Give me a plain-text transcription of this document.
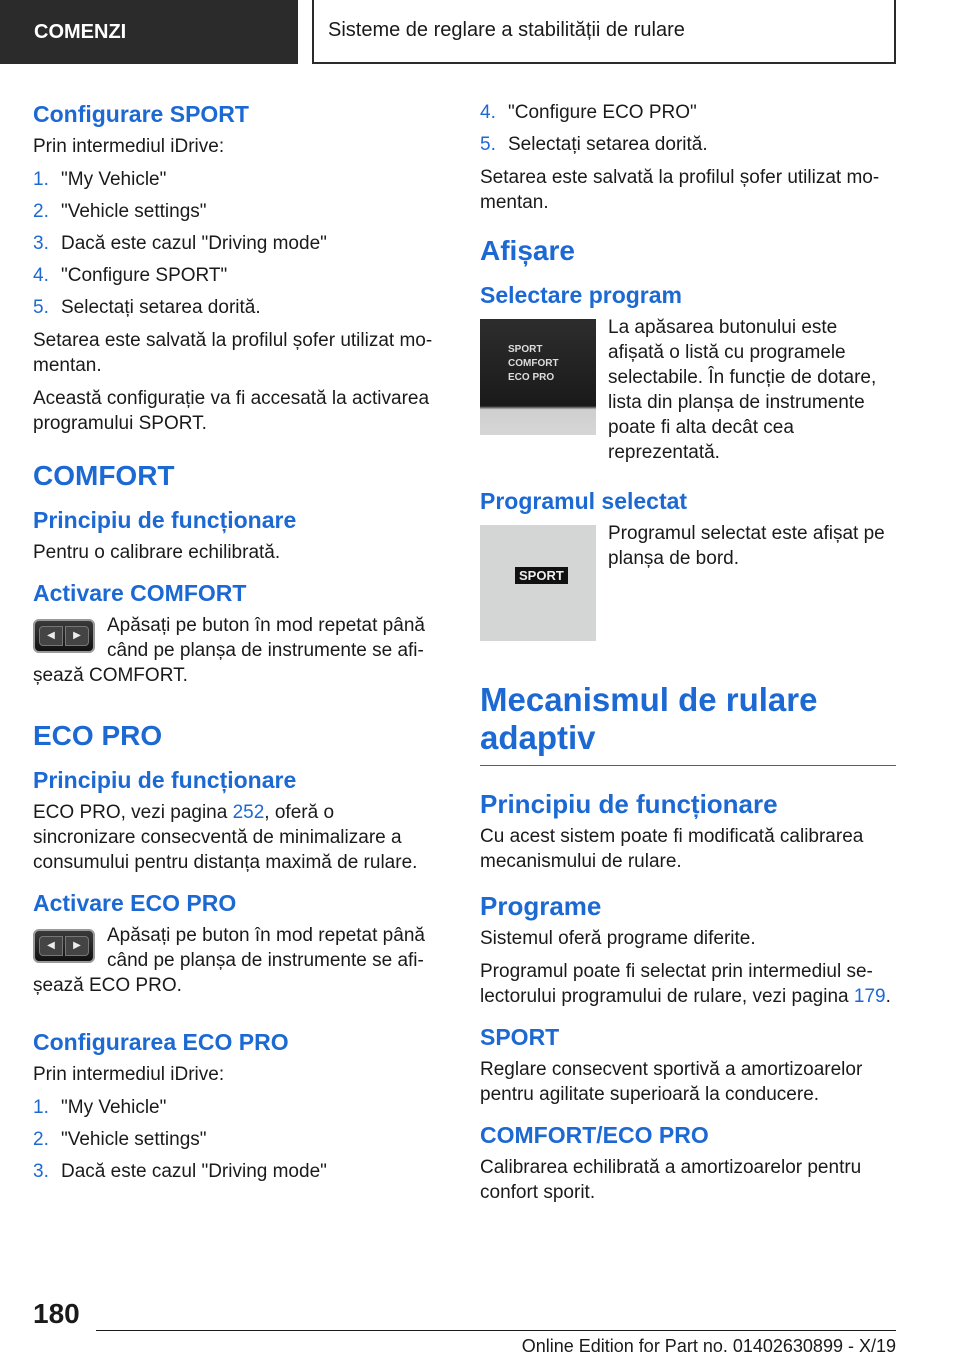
COMENZI	Sisteme de reglare a stabilității de rulare
Configurare SPORT

Prin intermediul iDrive:

1. "My Vehicle"
2. "Vehicle settings"
3. Dacă este cazul "Driving mode"
4. "Configure SPORT"
5. Selectați setarea dorită.

Setarea este salvată la profilul șofer utilizat momentan.

Această configurație va fi accesată la activarea programului SPORT.

COMFORT
Principiu de funcționare

Pentru o calibrare echilibrată.

Activare COMFORT
◀	▶	Apăsați pe buton în mod repetat până când pe planșa de instrumente se afișează COMFORT.

ECO PRO
Principiu de funcționare

ECO PRO, vezi pagina 252, oferă o sincronizare consecventă de minimalizare a consumului pentru distanța maximă de rulare.

Activare ECO PRO
◀	▶	Apăsați pe buton în mod repetat până când pe planșa de instrumente se afișează ECO PRO.

Configurarea ECO PRO

Prin intermediul iDrive:

1. "My Vehicle"
2. "Vehicle settings"
3. Dacă este cazul "Driving mode"
4. "Configure ECO PRO"
5. Selectați setarea dorită.

Setarea este salvată la profilul șofer utilizat momentan.

Afișare
Selectare program
SPORT
COMFORT
ECO PRO

La apăsarea butonului este afișată o listă cu programele selectabile. În funcție de dotare, lista din planșa de instrumente poate fi alta decât cea reprezentată.

Programul selectat
SPORT

Programul selectat este afișat pe planșa de bord.

Mecanismul de rulare adaptiv
Principiu de funcționare

Cu acest sistem poate fi modificată calibrarea mecanismului de rulare.

Programe

Sistemul oferă programe diferite.

Programul poate fi selectat prin intermediul selectorului programului de rulare, vezi pagina 179.

SPORT

Reglare consecvent sportivă a amortizoarelor pentru agilitate superioară la conducere.

COMFORT/ECO PRO

Calibrarea echilibrată a amortizoarelor pentru confort sporit.

180
Online Edition for Part no. 01402630899 - X/19
